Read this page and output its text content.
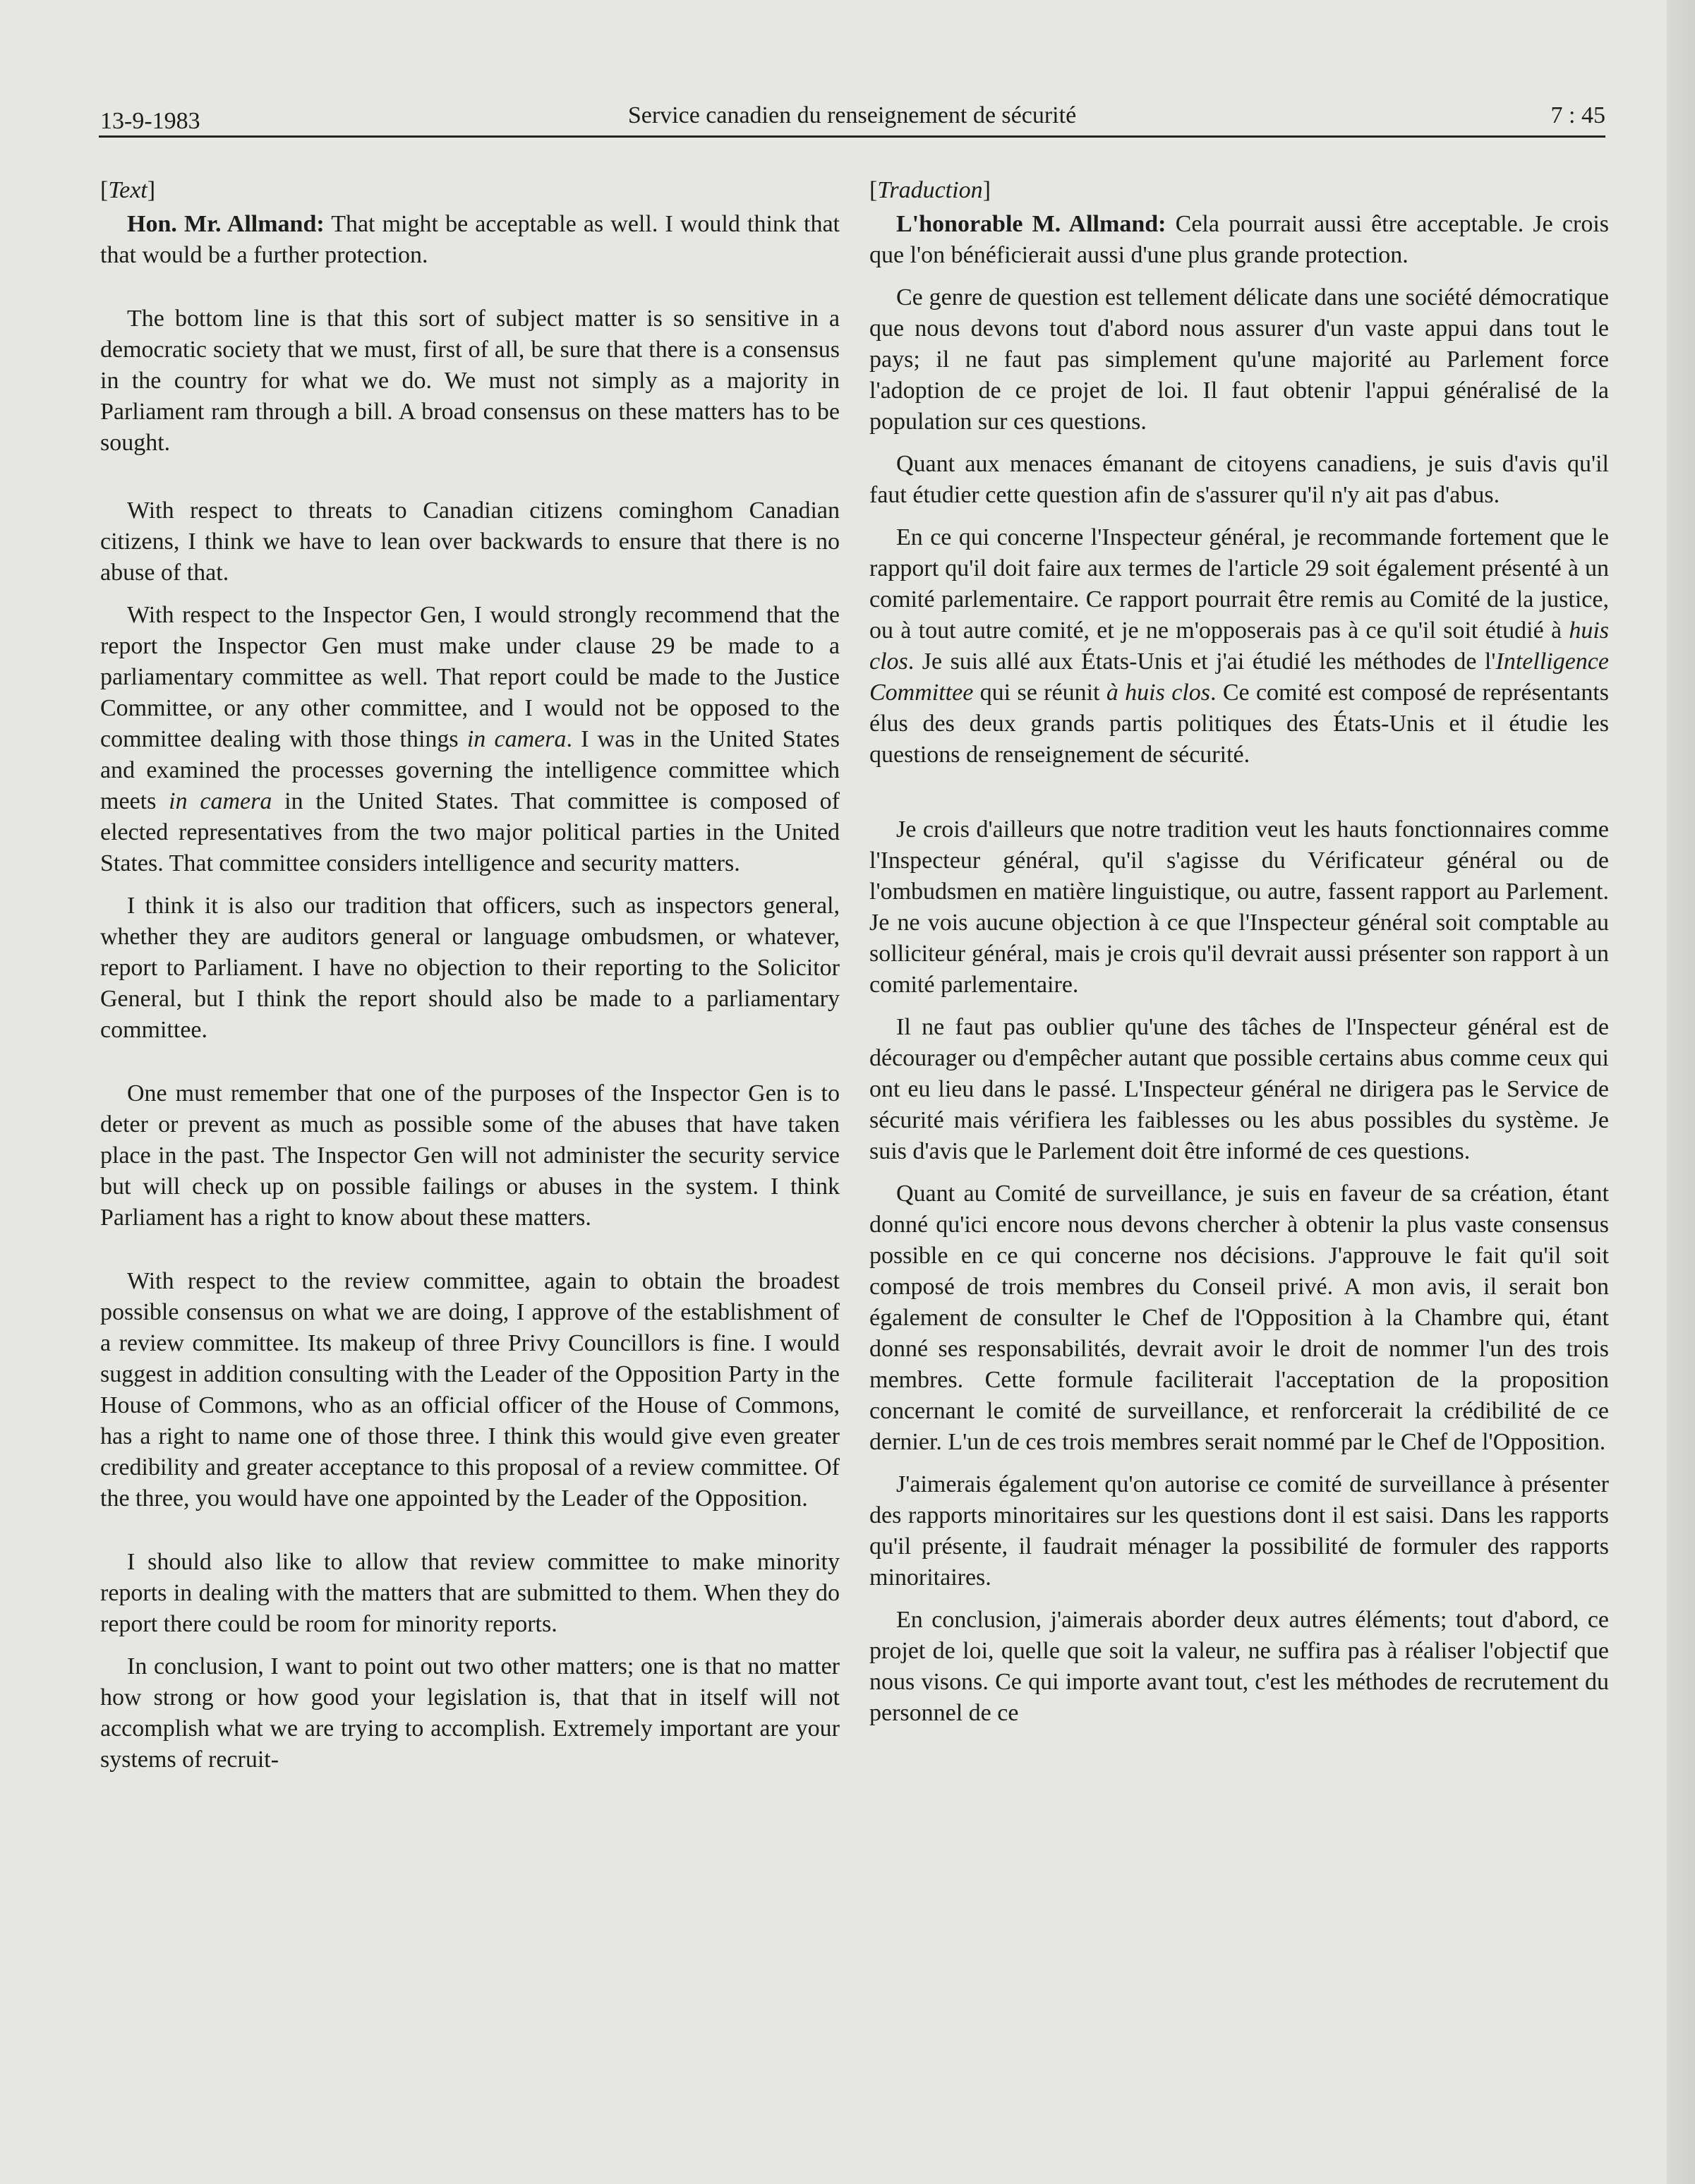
13-9-1983	Service canadien du renseignement de sécurité	7 : 45

[Text]

Hon. Mr. Allmand: That might be acceptable as well. I would think that that would be a further protection.

The bottom line is that this sort of subject matter is so sensitive in a democratic society that we must, first of all, be sure that there is a consensus in the country for what we do. We must not simply as a majority in Parliament ram through a bill. A broad consensus on these matters has to be sought.

With respect to threats to Canadian citizens cominghom Canadian citizens, I think we have to lean over backwards to ensure that there is no abuse of that.

With respect to the Inspector Gen, I would strongly recommend that the report the Inspector Gen must make under clause 29 be made to a parliamentary committee as well. That report could be made to the Justice Committee, or any other committee, and I would not be opposed to the committee dealing with those things in camera. I was in the United States and examined the processes governing the intelligence committee which meets in camera in the United States. That committee is composed of elected representatives from the two major political parties in the United States. That committee considers intelligence and security matters.

I think it is also our tradition that officers, such as inspectors general, whether they are auditors general or language ombudsmen, or whatever, report to Parliament. I have no objection to their reporting to the Solicitor General, but I think the report should also be made to a parliamentary committee.

One must remember that one of the purposes of the Inspector Gen is to deter or prevent as much as possible some of the abuses that have taken place in the past. The Inspector Gen will not administer the security service but will check up on possible failings or abuses in the system. I think Parliament has a right to know about these matters.

With respect to the review committee, again to obtain the broadest possible consensus on what we are doing, I approve of the establishment of a review committee. Its makeup of three Privy Councillors is fine. I would suggest in addition consulting with the Leader of the Opposition Party in the House of Commons, who as an official officer of the House of Commons, has a right to name one of those three. I think this would give even greater credibility and greater acceptance to this proposal of a review committee. Of the three, you would have one appointed by the Leader of the Opposition.

I should also like to allow that review committee to make minority reports in dealing with the matters that are submitted to them. When they do report there could be room for minority reports.

In conclusion, I want to point out two other matters; one is that no matter how strong or how good your legislation is, that that in itself will not accomplish what we are trying to accomplish. Extremely important are your systems of recruit-

[Traduction]

L'honorable M. Allmand: Cela pourrait aussi être acceptable. Je crois que l'on bénéficierait aussi d'une plus grande protection.

Ce genre de question est tellement délicate dans une société démocratique que nous devons tout d'abord nous assurer d'un vaste appui dans tout le pays; il ne faut pas simplement qu'une majorité au Parlement force l'adoption de ce projet de loi. Il faut obtenir l'appui généralisé de la population sur ces questions.

Quant aux menaces émanant de citoyens canadiens, je suis d'avis qu'il faut étudier cette question afin de s'assurer qu'il n'y ait pas d'abus.

En ce qui concerne l'Inspecteur général, je recommande fortement que le rapport qu'il doit faire aux termes de l'article 29 soit également présenté à un comité parlementaire. Ce rapport pourrait être remis au Comité de la justice, ou à tout autre comité, et je ne m'opposerais pas à ce qu'il soit étudié à huis clos. Je suis allé aux États-Unis et j'ai étudié les méthodes de l'Intelligence Committee qui se réunit à huis clos. Ce comité est composé de représentants élus des deux grands partis politiques des États-Unis et il étudie les questions de renseignement de sécurité.

Je crois d'ailleurs que notre tradition veut les hauts fonctionnaires comme l'Inspecteur général, qu'il s'agisse du Vérificateur général ou de l'ombudsmen en matière linguistique, ou autre, fassent rapport au Parlement. Je ne vois aucune objection à ce que l'Inspecteur général soit comptable au solliciteur général, mais je crois qu'il devrait aussi présenter son rapport à un comité parlementaire.

Il ne faut pas oublier qu'une des tâches de l'Inspecteur général est de décourager ou d'empêcher autant que possible certains abus comme ceux qui ont eu lieu dans le passé. L'Inspecteur général ne dirigera pas le Service de sécurité mais vérifiera les faiblesses ou les abus possibles du système. Je suis d'avis que le Parlement doit être informé de ces questions.

Quant au Comité de surveillance, je suis en faveur de sa création, étant donné qu'ici encore nous devons chercher à obtenir la plus vaste consensus possible en ce qui concerne nos décisions. J'approuve le fait qu'il soit composé de trois membres du Conseil privé. A mon avis, il serait bon également de consulter le Chef de l'Opposition à la Chambre qui, étant donné ses responsabilités, devrait avoir le droit de nommer l'un des trois membres. Cette formule faciliterait l'acceptation de la proposition concernant le comité de surveillance, et renforcerait la crédibilité de ce dernier. L'un de ces trois membres serait nommé par le Chef de l'Opposition.

J'aimerais également qu'on autorise ce comité de surveillance à présenter des rapports minoritaires sur les questions dont il est saisi. Dans les rapports qu'il présente, il faudrait ménager la possibilité de formuler des rapports minoritaires.

En conclusion, j'aimerais aborder deux autres éléments; tout d'abord, ce projet de loi, quelle que soit la valeur, ne suffira pas à réaliser l'objectif que nous visons. Ce qui importe avant tout, c'est les méthodes de recrutement du personnel de ce
